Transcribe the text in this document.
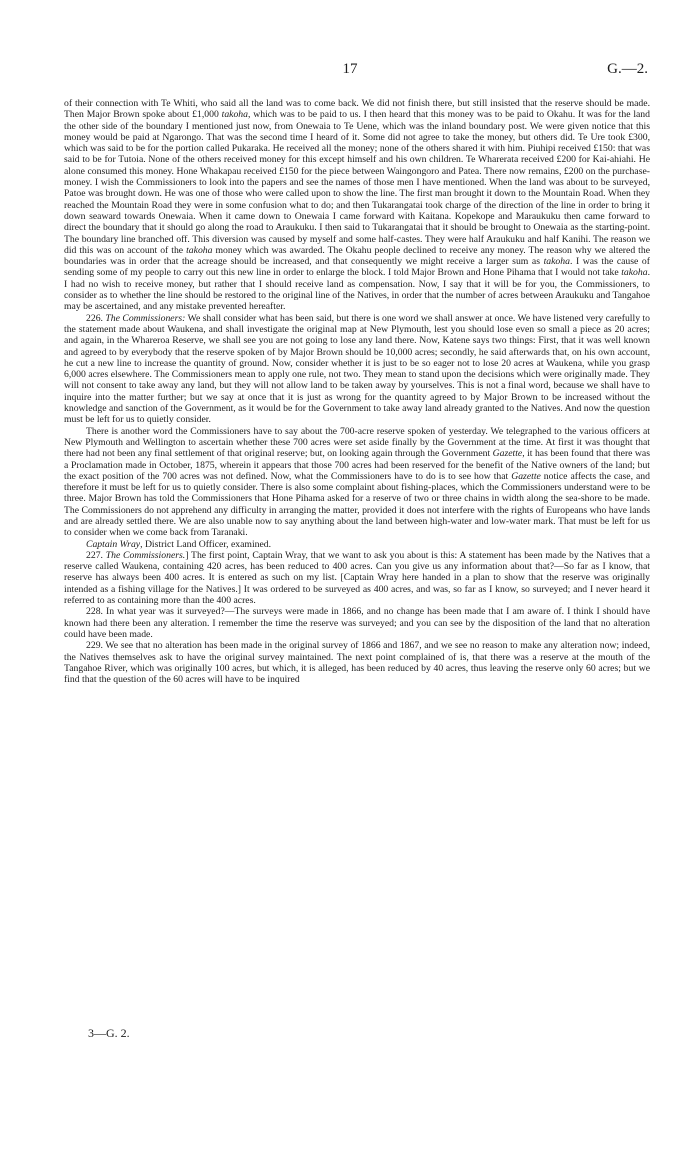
17	G.—2.

of their connection with Te Whiti, who said all the land was to come back. We did not finish there, but still insisted that the reserve should be made. Then Major Brown spoke about £1,000 takoha, which was to be paid to us. I then heard that this money was to be paid to Okahu. It was for the land the other side of the boundary I mentioned just now, from Onewaia to Te Uene, which was the inland boundary post. We were given notice that this money would be paid at Ngarongo. That was the second time I heard of it. Some did not agree to take the money, but others did. Te Ure took £300, which was said to be for the portion called Pukaraka. He received all the money; none of the others shared it with him. Piuhipi received £150: that was said to be for Tutoia. None of the others received money for this except himself and his own children. Te Wharerata received £200 for Kai-ahiahi. He alone consumed this money. Hone Whakapau received £150 for the piece between Waingongoro and Patea. There now remains, £200 on the purchase-money. I wish the Commissioners to look into the papers and see the names of those men I have mentioned. When the land was about to be surveyed, Patoe was brought down. He was one of those who were called upon to show the line. The first man brought it down to the Mountain Road. When they reached the Mountain Road they were in some confusion what to do; and then Tukarangatai took charge of the direction of the line in order to bring it down seaward towards Onewaia. When it came down to Onewaia I came forward with Kaitana. Kopekope and Maraukuku then came forward to direct the boundary that it should go along the road to Araukuku. I then said to Tukarangatai that it should be brought to Onewaia as the starting-point. The boundary line branched off. This diversion was caused by myself and some half-castes. They were half Araukuku and half Kanihi. The reason we did this was on account of the takoha money which was awarded. The Okahu people declined to receive any money. The reason why we altered the boundaries was in order that the acreage should be increased, and that consequently we might receive a larger sum as takoha. I was the cause of sending some of my people to carry out this new line in order to enlarge the block. I told Major Brown and Hone Pihama that I would not take takoha. I had no wish to receive money, but rather that I should receive land as compensation. Now, I say that it will be for you, the Commissioners, to consider as to whether the line should be restored to the original line of the Natives, in order that the number of acres between Araukuku and Tangahoe may be ascertained, and any mistake prevented hereafter.

226. The Commissioners: We shall consider what has been said, but there is one word we shall answer at once. We have listened very carefully to the statement made about Waukena, and shall investigate the original map at New Plymouth, lest you should lose even so small a piece as 20 acres; and again, in the Whareroa Reserve, we shall see you are not going to lose any land there. Now, Katene says two things: First, that it was well known and agreed to by everybody that the reserve spoken of by Major Brown should be 10,000 acres; secondly, he said afterwards that, on his own account, he cut a new line to increase the quantity of ground. Now, consider whether it is just to be so eager not to lose 20 acres at Waukena, while you grasp 6,000 acres elsewhere. The Commissioners mean to apply one rule, not two. They mean to stand upon the decisions which were originally made. They will not consent to take away any land, but they will not allow land to be taken away by yourselves. This is not a final word, because we shall have to inquire into the matter further; but we say at once that it is just as wrong for the quantity agreed to by Major Brown to be increased without the knowledge and sanction of the Government, as it would be for the Government to take away land already granted to the Natives. And now the question must be left for us to quietly consider.

There is another word the Commissioners have to say about the 700-acre reserve spoken of yesterday. We telegraphed to the various officers at New Plymouth and Wellington to ascertain whether these 700 acres were set aside finally by the Government at the time. At first it was thought that there had not been any final settlement of that original reserve; but, on looking again through the Government Gazette, it has been found that there was a Proclamation made in October, 1875, wherein it appears that those 700 acres had been reserved for the benefit of the Native owners of the land; but the exact position of the 700 acres was not defined. Now, what the Commissioners have to do is to see how that Gazette notice affects the case, and therefore it must be left for us to quietly consider. There is also some complaint about fishing-places, which the Commissioners understand were to be three. Major Brown has told the Commissioners that Hone Pihama asked for a reserve of two or three chains in width along the sea-shore to be made. The Commissioners do not apprehend any difficulty in arranging the matter, provided it does not interfere with the rights of Europeans who have lands and are already settled there. We are also unable now to say anything about the land between high-water and low-water mark. That must be left for us to consider when we come back from Taranaki.

Captain Wray, District Land Officer, examined.

227. The Commissioners.] The first point, Captain Wray, that we want to ask you about is this: A statement has been made by the Natives that a reserve called Waukena, containing 420 acres, has been reduced to 400 acres. Can you give us any information about that?—So far as I know, that reserve has always been 400 acres. It is entered as such on my list. [Captain Wray here handed in a plan to show that the reserve was originally intended as a fishing village for the Natives.] It was ordered to be surveyed as 400 acres, and was, so far as I know, so surveyed; and I never heard it referred to as containing more than the 400 acres.

228. In what year was it surveyed?—The surveys were made in 1866, and no change has been made that I am aware of. I think I should have known had there been any alteration. I remember the time the reserve was surveyed; and you can see by the disposition of the land that no alteration could have been made.

229. We see that no alteration has been made in the original survey of 1866 and 1867, and we see no reason to make any alteration now; indeed, the Natives themselves ask to have the original survey maintained. The next point complained of is, that there was a reserve at the mouth of the Tangahoe River, which was originally 100 acres, but which, it is alleged, has been reduced by 40 acres, thus leaving the reserve only 60 acres; but we find that the question of the 60 acres will have to be inquired

3—G. 2.
